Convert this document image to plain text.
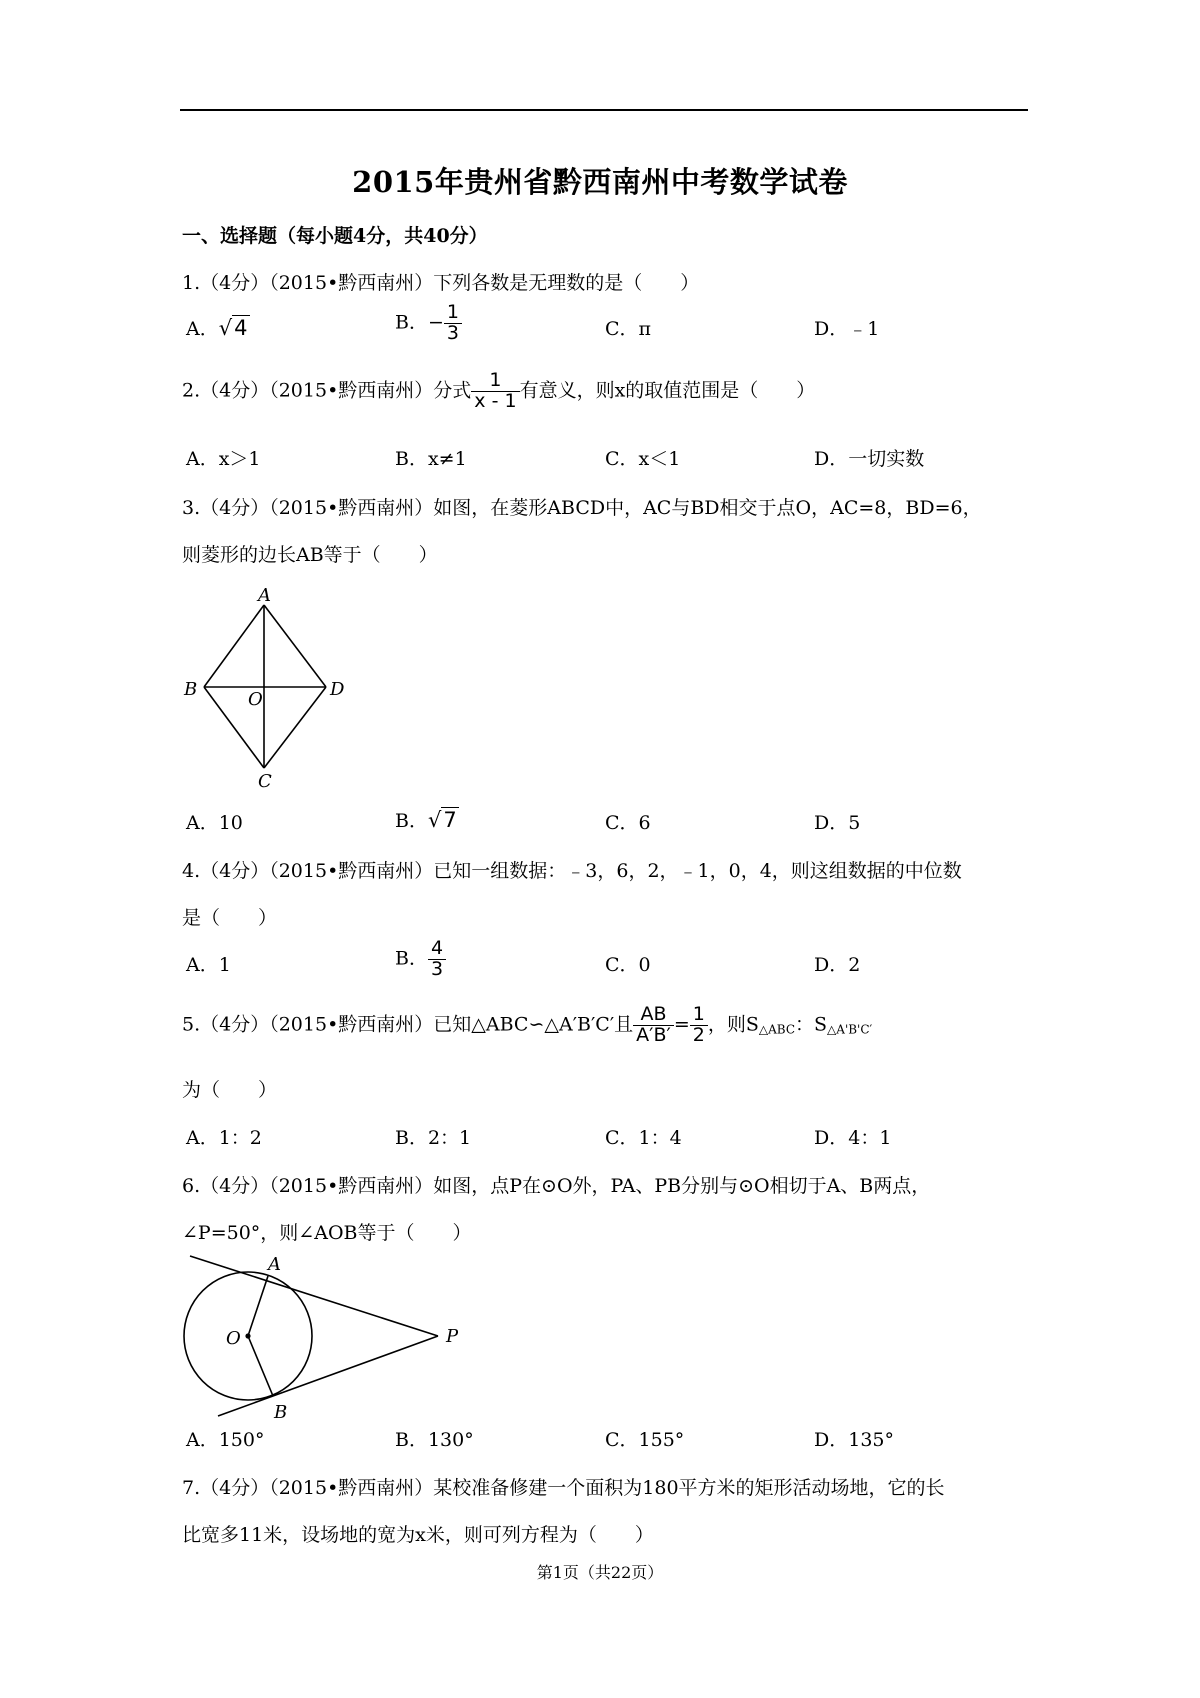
2015年贵州省黔西南州中考数学试卷
一、选择题（每小题4分，共40分）
1.（4分）（2015•黔西南州）下列各数是无理数的是（　　）
A．√4	B．− $\frac{1}{3}$	C．π	D．﹣1
2.（4分）（2015•黔西南州）分式 $\frac{1}{x - 1}$ 有意义，则x的取值范围是（　　）
A．x＞1	B．x≠1	C．x＜1	D．一切实数
3.（4分）（2015•黔西南州）如图，在菱形ABCD中，AC与BD相交于点O，AC=8，BD=6，
则菱形的边长AB等于（　　）
A
B	D
C
O
A．10	B．√7	C．6	D．5
4.（4分）（2015•黔西南州）已知一组数据：﹣3，6，2，﹣1，0，4，则这组数据的中位数
是（　　）
A．1	B． $\frac{4}{3}$	C．0	D．2
5.（4分）（2015•黔西南州）已知△ABC∽△A′B′C′且 $\frac{AB}{A'B'} = \frac{1}{2}$ ，则$S_{\triangle ABC}$：$S_{\triangle A'B'C'}$
为（　　）
A．1：2	B．2：1	C．1：4	D．4：1
6.（4分）（2015•黔西南州）如图，点P在⊙O外，PA、PB分别与⊙O相切于A、B两点，
∠P=50°，则∠AOB等于（　　）
A
B
O	P
A．150°	B．130°	C．155°	D．135°
7.（4分）（2015•黔西南州）某校准备修建一个面积为180平方米的矩形活动场地，它的长
比宽多11米，设场地的宽为x米，则可列方程为（　　）
第1页（共22页）
